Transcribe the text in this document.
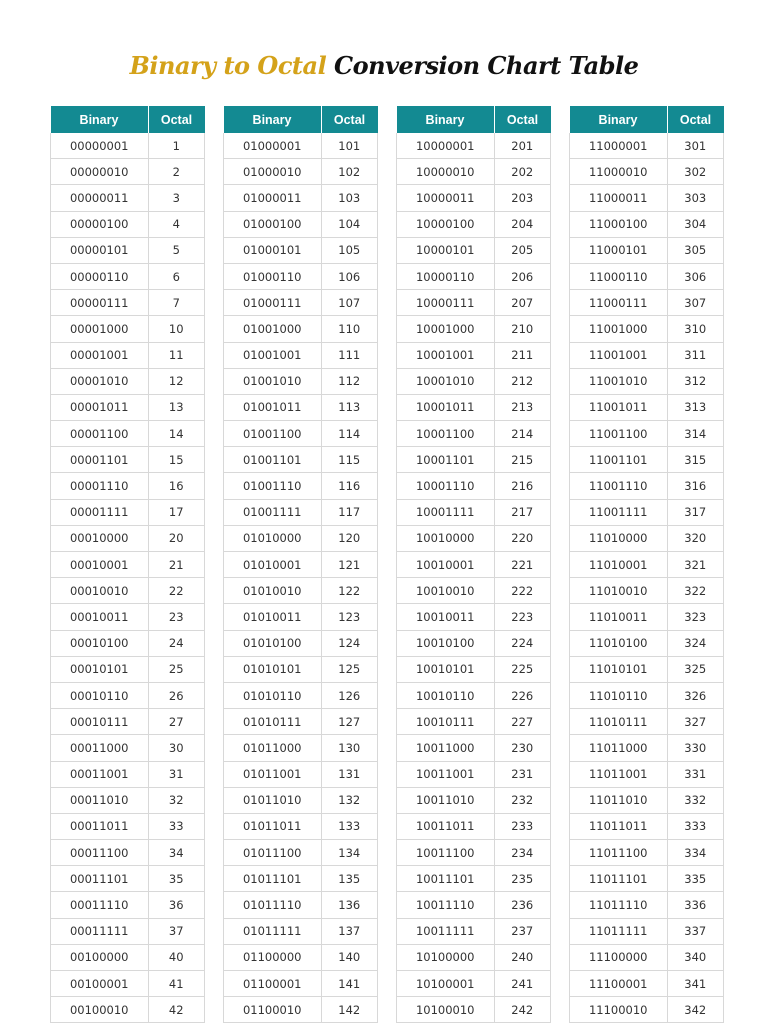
Binary to Octal Conversion Chart Table
Binary	Octal
00000001	1
00000010	2
00000011	3
00000100	4
00000101	5
00000110	6
00000111	7
00001000	10
00001001	11
00001010	12
00001011	13
00001100	14
00001101	15
00001110	16
00001111	17
00010000	20
00010001	21
00010010	22
00010011	23
00010100	24
00010101	25
00010110	26
00010111	27
00011000	30
00011001	31
00011010	32
00011011	33
00011100	34
00011101	35
00011110	36
00011111	37
00100000	40
00100001	41
00100010	42
Binary	Octal
01000001	101
01000010	102
01000011	103
01000100	104
01000101	105
01000110	106
01000111	107
01001000	110
01001001	111
01001010	112
01001011	113
01001100	114
01001101	115
01001110	116
01001111	117
01010000	120
01010001	121
01010010	122
01010011	123
01010100	124
01010101	125
01010110	126
01010111	127
01011000	130
01011001	131
01011010	132
01011011	133
01011100	134
01011101	135
01011110	136
01011111	137
01100000	140
01100001	141
01100010	142
Binary	Octal
10000001	201
10000010	202
10000011	203
10000100	204
10000101	205
10000110	206
10000111	207
10001000	210
10001001	211
10001010	212
10001011	213
10001100	214
10001101	215
10001110	216
10001111	217
10010000	220
10010001	221
10010010	222
10010011	223
10010100	224
10010101	225
10010110	226
10010111	227
10011000	230
10011001	231
10011010	232
10011011	233
10011100	234
10011101	235
10011110	236
10011111	237
10100000	240
10100001	241
10100010	242
Binary	Octal
11000001	301
11000010	302
11000011	303
11000100	304
11000101	305
11000110	306
11000111	307
11001000	310
11001001	311
11001010	312
11001011	313
11001100	314
11001101	315
11001110	316
11001111	317
11010000	320
11010001	321
11010010	322
11010011	323
11010100	324
11010101	325
11010110	326
11010111	327
11011000	330
11011001	331
11011010	332
11011011	333
11011100	334
11011101	335
11011110	336
11011111	337
11100000	340
11100001	341
11100010	342
